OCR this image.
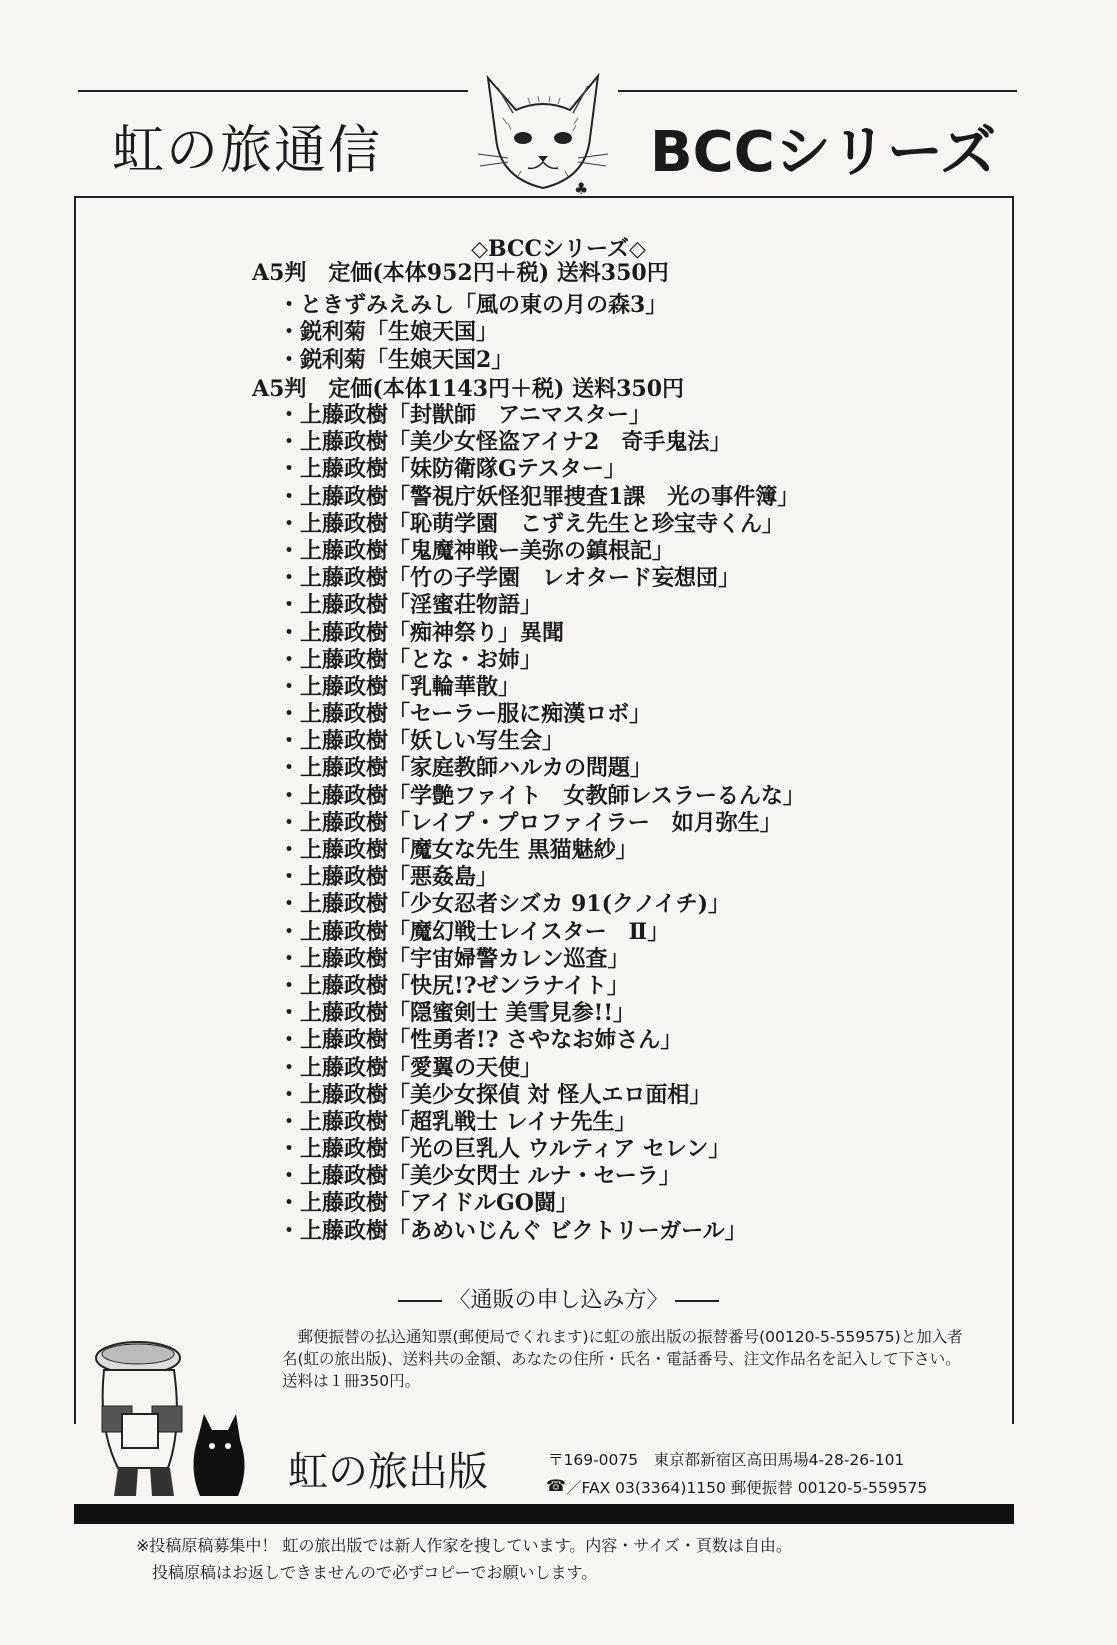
虹の旅通信	BCCシリーズ
♣
◇BCCシリーズ◇
A5判　定価(本体952円＋税) 送料350円
・ときずみえみし「風の東の月の森3」
・鋭利菊「生娘天国」
・鋭利菊「生娘天国2」
A5判　定価(本体1143円＋税) 送料350円
・上藤政樹「封獣師　アニマスター」
・上藤政樹「美少女怪盗アイナ2　奇手鬼法」
・上藤政樹「妹防衛隊Gテスター」
・上藤政樹「警視庁妖怪犯罪捜査1課　光の事件簿」
・上藤政樹「恥萌学園　こずえ先生と珍宝寺くん」
・上藤政樹「鬼魔神戦ー美弥の鎮根記」
・上藤政樹「竹の子学園　レオタード妄想団」
・上藤政樹「淫蜜荘物語」
・上藤政樹「痴神祭り」異聞
・上藤政樹「とな・お姉」
・上藤政樹「乳輪華散」
・上藤政樹「セーラー服に痴漢ロボ」
・上藤政樹「妖しい写生会」
・上藤政樹「家庭教師ハルカの問題」
・上藤政樹「学艶ファイト　女教師レスラーるんな」
・上藤政樹「レイプ・プロファイラー　如月弥生」
・上藤政樹「魔女な先生 黒猫魅紗」
・上藤政樹「悪姦島」
・上藤政樹「少女忍者シズカ 91(クノイチ)」
・上藤政樹「魔幻戦士レイスター　Ⅱ」
・上藤政樹「宇宙婦警カレン巡査」
・上藤政樹「快尻!?ゼンラナイト」
・上藤政樹「隠蜜剣士 美雪見参!!」
・上藤政樹「性勇者!? さやなお姉さん」
・上藤政樹「愛翼の天使」
・上藤政樹「美少女探偵 対 怪人エロ面相」
・上藤政樹「超乳戦士 レイナ先生」
・上藤政樹「光の巨乳人 ウルティア セレン」
・上藤政樹「美少女閃士 ルナ・セーラ」
・上藤政樹「アイドルGO闘」
・上藤政樹「あめいじんぐ ビクトリーガール」
〈通販の申し込み方〉
郵便振替の払込通知票(郵便局でくれます)に虹の旅出版の振替番号(00120-5-559575)と加入者名(虹の旅出版)、送料共の金額、あなたの住所・氏名・電話番号、注文作品名を記入して下さい。送料は１冊350円。
虹の旅出版	〒169-0075　東京都新宿区高田馬場4-28-26-101
☎ ／FAX 03(3364)1150 郵便振替 00120-5-559575
※投稿原稿募集中！ 虹の旅出版では新人作家を捜しています。内容・サイズ・頁数は自由。
投稿原稿はお返しできませんので必ずコピーでお願いします。
